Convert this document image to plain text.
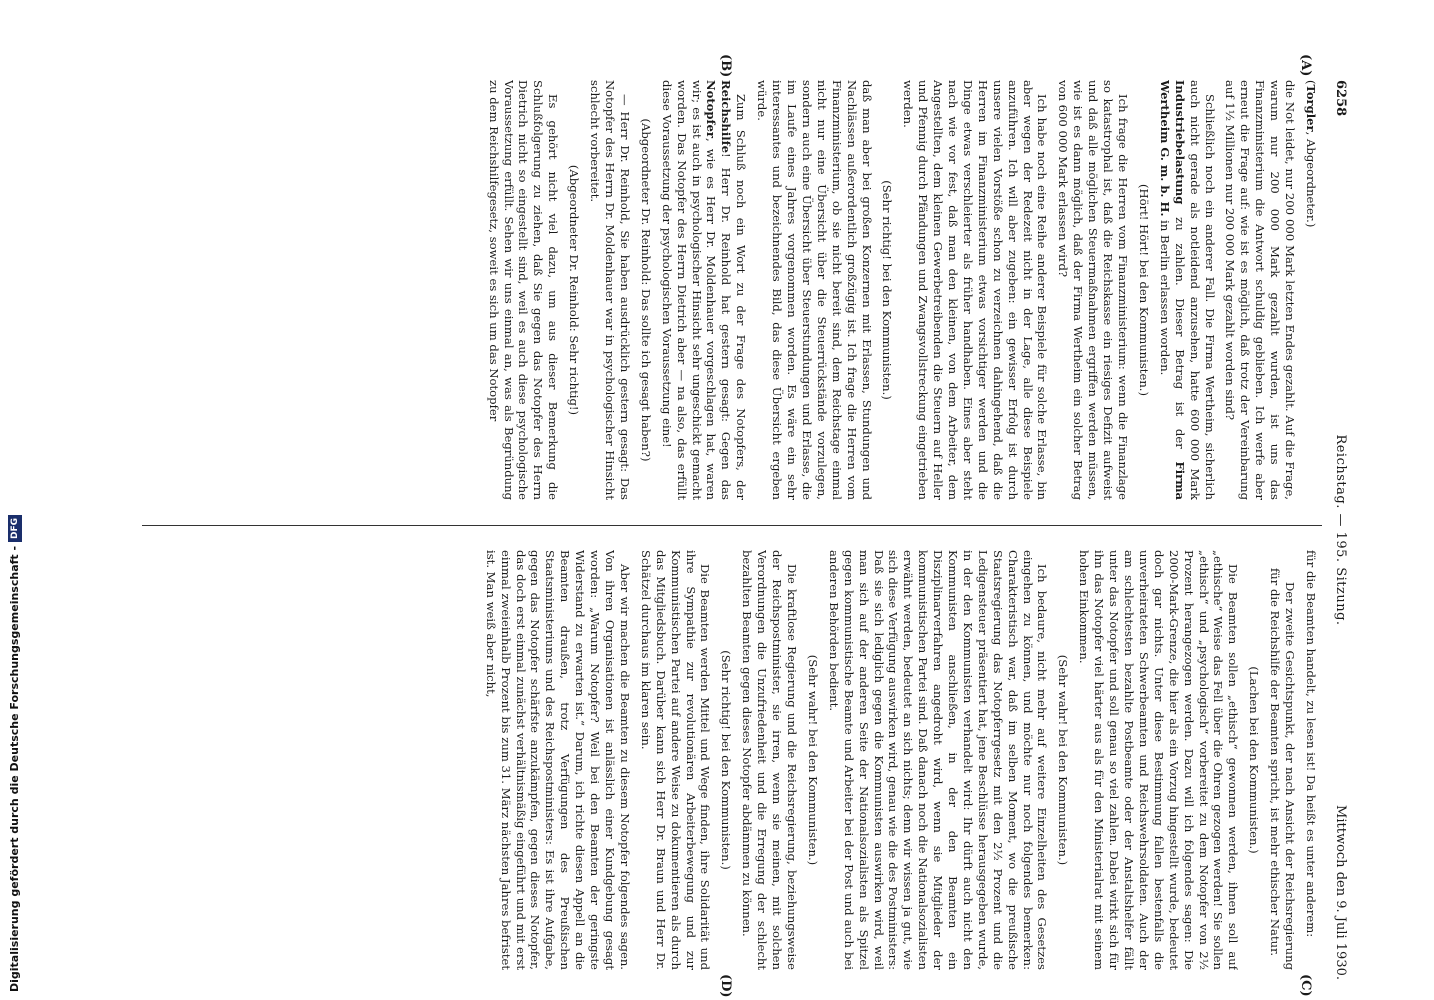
6258
Reichstag. — 195. Sitzung.
Mittwoch den 9. Juli 1930.
(A)
(B)
(C)
(D)

(Torgler, Abgeordneter.)

die Not leidet, nur 200 000 Mark letzten Endes gezahlt. Auf die Frage, warum nur 200 000 Mark gezahlt wurden, ist uns das Finanzministerium die Antwort schuldig geblieben. Ich werfe aber erneut die Frage auf: wie ist es möglich, daß trotz der Vereinbarung auf 1½ Millionen nur 200 000 Mark gezahlt worden sind?

Schließlich noch ein anderer Fall. Die Firma Wertheim, sicherlich auch nicht gerade als notleidend anzusehen, hatte 600 000 Mark Industriebelastung zu zahlen. Dieser Betrag ist der Firma Wertheim G. m. b. H. in Berlin erlassen worden.

(Hört! Hört! bei den Kommunisten.)

Ich frage die Herren vom Finanzministerium: wenn die Finanzlage so katastrophal ist, daß die Reichskasse ein riesiges Defizit aufweist und daß alle möglichen Steuermaßnahmen ergriffen werden müssen, wie ist es dann möglich, daß der Firma Wertheim ein solcher Betrag von 600 000 Mark erlassen wird?

Ich habe noch eine Reihe anderer Beispiele für solche Erlasse, bin aber wegen der Redezeit nicht in der Lage, alle diese Beispiele anzuführen. Ich will aber zugeben: ein gewisser Erfolg ist durch unsere vielen Vorstöße schon zu verzeichnen dahingehend, daß die Herren im Finanzministerium etwas vorsichtiger werden und die Dinge etwas verschleierter als früher handhaben. Eines aber steht nach wie vor fest, daß man den kleinen, von dem Arbeiter, dem Angestellten, dem kleinen Gewerbetreibenden die Steuern auf Heller und Pfennig durch Pfändungen und Zwangsvollstreckung eingetrieben werden.

(Sehr richtig! bei den Kommunisten.)

daß man aber bei großen Konzernen mit Erlassen, Stundungen und Nachlässen außerordentlich großzügig ist. Ich frage die Herren vom Finanzministerium, ob sie nicht bereit sind, dem Reichstage einmal nicht nur eine Übersicht über die Steuerrückstände vorzulegen, sondern auch eine Übersicht über Steuerstundungen und Erlasse, die im Laufe eines Jahres vorgenommen worden. Es wäre ein sehr interessantes und bezeichnendes Bild, das diese Übersicht ergeben würde.

Zum Schluß noch ein Wort zu der Frage des Notopfers, der Reichshilfe! Herr Dr. Reinhold hat gestern gesagt: Gegen das Notopfer, wie es Herr Dr. Moldenhauer vorgeschlagen hat, waren wir; es ist auch in psychologischer Hinsicht sehr ungeschickt gemacht worden. Das Notopfer des Herrn Dietrich aber — na also, das erfüllt diese Voraussetzung der psychologischen Voraussetzung eine!

(Abgeordneter Dr. Reinhold: Das sollte ich gesagt haben?)

— Herr Dr. Reinhold, Sie haben ausdrücklich gestern gesagt: Das Notopfer des Herrn Dr. Moldenhauer war in psychologischer Hinsicht schlecht vorbereitet.

(Abgeordneter Dr. Reinhold: Sehr richtig!)

Es gehört nicht viel dazu, um aus dieser Bemerkung die Schlußfolgerung zu ziehen, daß Sie gegen das Notopfer des Herrn Dietrich nicht so eingestellt sind, weil es auch diese psychologische Voraussetzung erfüllt. Sehen wir uns einmal an, was als Begründung zu dem Reichshilfegesetz, soweit es sich um das Notopfer

für die Beamten handelt, zu lesen ist! Da heißt es unter anderem:

Der zweite Gesichtspunkt, der nach Ansicht der Reichsregierung für die Reichshilfe der Beamten spricht, ist mehr ethischer Natur.

(Lachen bei den Kommunisten.)

Die Beamten sollen „ethisch“ gewonnen werden, ihnen soll auf „ethische“ Weise das Fell über die Ohren gezogen werden! Sie sollen „ethisch“ und „psychologisch“ vorbereitet zu dem Notopfer von 2½ Prozent herangezogen werden. Dazu will ich folgendes sagen: Die 2000-Mark-Grenze, die hier als ein Vorzug hingestellt wurde, bedeutet doch gar nichts. Unter diese Bestimmung fallen bestenfalls die unverheirateten Schwerbeamten und Reichswehrsoldaten. Auch der am schlechtesten bezahlte Postbeamte oder der Anstaltshelfer fällt unter das Notopfer und soll genau so viel zahlen. Dabei wirkt sich für ihn das Notopfer viel härter aus als für den Ministerialrat mit seinem hohen Einkommen.

(Sehr wahr! bei den Kommunisten.)

Ich bedaure, nicht mehr auf weitere Einzelheiten des Gesetzes eingehen zu können, und möchte nur noch folgendes bemerken: Charakteristisch war, daß im selben Moment, wo die preußische Staatsregierung das Notopferrgesetz mit den 2½ Prozent und die Ledigensteuer präsentiert hat, jene Beschlüsse herausgegeben wurde, in der den Kommunisten verhandelt wird: Ihr dürft auch nicht den Kommunisten anschließen, in der den Beamten ein Disziplinarverfahren angedroht wird, wenn sie Mitglieder der kommunistischen Partei sind. Daß danach noch die Nationalsozialisten erwähnt werden, bedeutet an sich nichts; denn wir wissen ja gut, wie sich diese Verfügung auswirken wird, genau wie die des Postministers: Daß sie sich lediglich gegen die Kommunisten auswirken wird, weil man sich auf der anderen Seite der Nationalsozialisten als Spitzel gegen kommunistische Beamte und Arbeiter bei der Post und auch bei anderen Behörden bedient.

(Sehr wahr! bei den Kommunisten.)

Die kraftlose Regierung und die Reichsregierung, beziehungsweise der Reichspostminister, sie irren, wenn sie meinen, mit solchen Verordnungen die Unzufriedenheit und die Erregung der schlecht bezahlten Beamten gegen dieses Notopfer abdämmen zu können.

(Sehr richtig! bei den Kommunisten.)

Die Beamten werden Mittel und Wege finden, ihre Solidarität und ihre Sympathie zur revolutionären Arbeiterbewegung und zur Kommunistischen Partei auf andere Weise zu dokumentieren als durch das Mitgliedsbuch. Darüber kann sich Herr Dr. Braun und Herr Dr. Schätzel durchaus im klaren sein.

Aber wir machen die Beamten zu diesem Notopfer folgendes sagen. Von ihren Organisationen ist anlässlich einer Kundgebung gesagt worden: „Warum Notopfer? Weil bei den Beamten der geringste Widerstand zu erwarten ist.“ Darum, ich richte diesen Appell an die Beamten draußen, trotz Verfügungen des Preußischen Staatsministeriums und des Reichspostministers: Es ist ihre Aufgabe, gegen das Notopfer schärfste anzukämpfen, gegen dieses Notopfer, das doch erst einmal zunächst verhältnismäßig eingeführt und mit erst einmal zweieinhalb Prozent bis zum 31. März nächsten Jahres befristet ist. Man weiß aber nicht,

Digitalisierung gefördert durch die Deutsche Forschungsgemeinschaft -DFG
